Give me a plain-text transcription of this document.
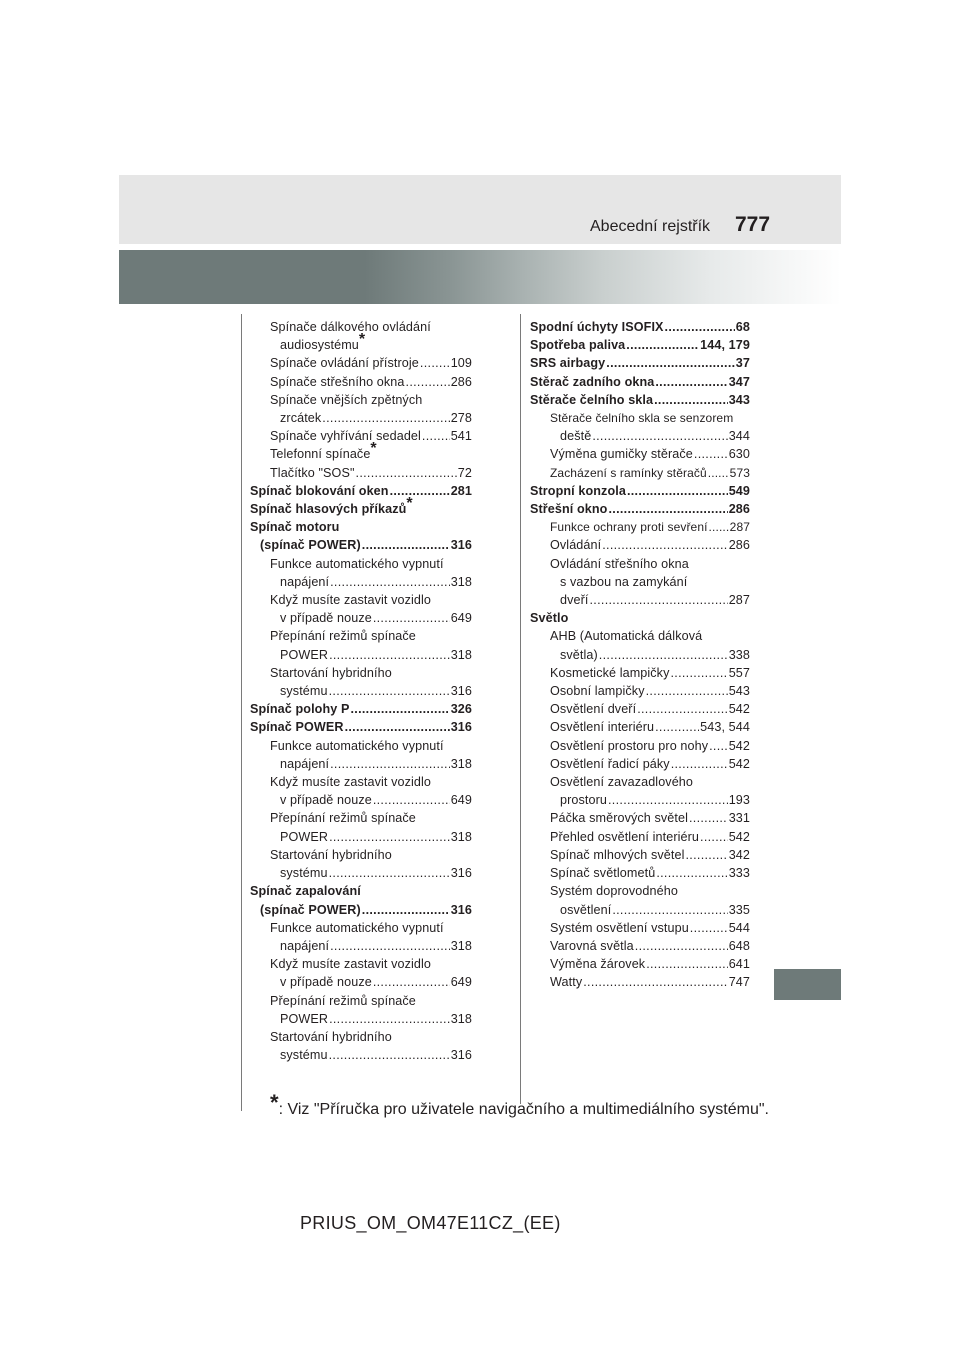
Abecední rejstřík 777
Spínače dálkového ovládání
audiosystému*
Spínače ovládání přístroje . . .	109
Spínače střešního okna . . .	286
Spínače vnějších zpětných
zrcátek . . .	278
Spínače vyhřívání sedadel . . . 541
Telefonní spínače*
Tlačítko "SOS" . . .	72
Spínač blokování oken . . .	281
Spínač hlasových příkazů*
Spínač motoru
(spínač POWER) . . .	316
Funkce automatického vypnutí
napájení . . .	318
Když musíte zastavit vozidlo
v případě nouze . . .	649
Přepínání režimů spínače
POWER . . .	318
Startování hybridního
systému . . .	316
Spínač polohy P . . .	326
Spínač POWER . . .	316
Funkce automatického vypnutí
napájení . . .	318
Když musíte zastavit vozidlo
v případě nouze . . .	649
Přepínání režimů spínače
POWER . . .	318
Startování hybridního
systému . . .	316
Spínač zapalování
(spínač POWER) . . .	316
Funkce automatického vypnutí
napájení . . .	318
Když musíte zastavit vozidlo
v případě nouze . . .	649
Přepínání režimů spínače
POWER . . .	318
Startování hybridního
systému . . .	316
Spodní úchyty ISOFIX . . .	68
Spotřeba paliva . . .	144, 179
SRS airbagy . . .	37
Stěrač zadního okna . . .	347
Stěrače čelního skla . . .	343
Stěrače čelního skla se senzorem
deště . . .	344
Výměna gumičky stěrače . . .	630
Zacházení s ramínky stěračů . . . 573
Stropní konzola . . .	549
Střešní okno . . .	286
Funkce ochrany proti sevření . . . 287
Ovládání . . .	286
Ovládání střešního okna
s vazbou na zamykání
dveří . . .	287
Světlo
AHB (Automatická dálková
světla) . . .	338
Kosmetické lampičky . . .	557
Osobní lampičky . . .	543
Osvětlení dveří . . .	542
Osvětlení interiéru . . .	543, 544
Osvětlení prostoru pro nohy . . . 542
Osvětlení řadicí páky . . .	542
Osvětlení zavazadlového
prostoru . . .	193
Páčka směrových světel . . .	331
Přehled osvětlení interiéru . . . 542
Spínač mlhových světel . . .	342
Spínač světlometů . . .	333
Systém doprovodného
osvětlení . . .	335
Systém osvětlení vstupu . . .	544
Varovná světla . . .	648
Výměna žárovek . . .	641
Watty . . .	747
*: Viz "Příručka pro uživatele navigačního a multimediálního systému".
PRIUS_OM_OM47E11CZ_(EE)
